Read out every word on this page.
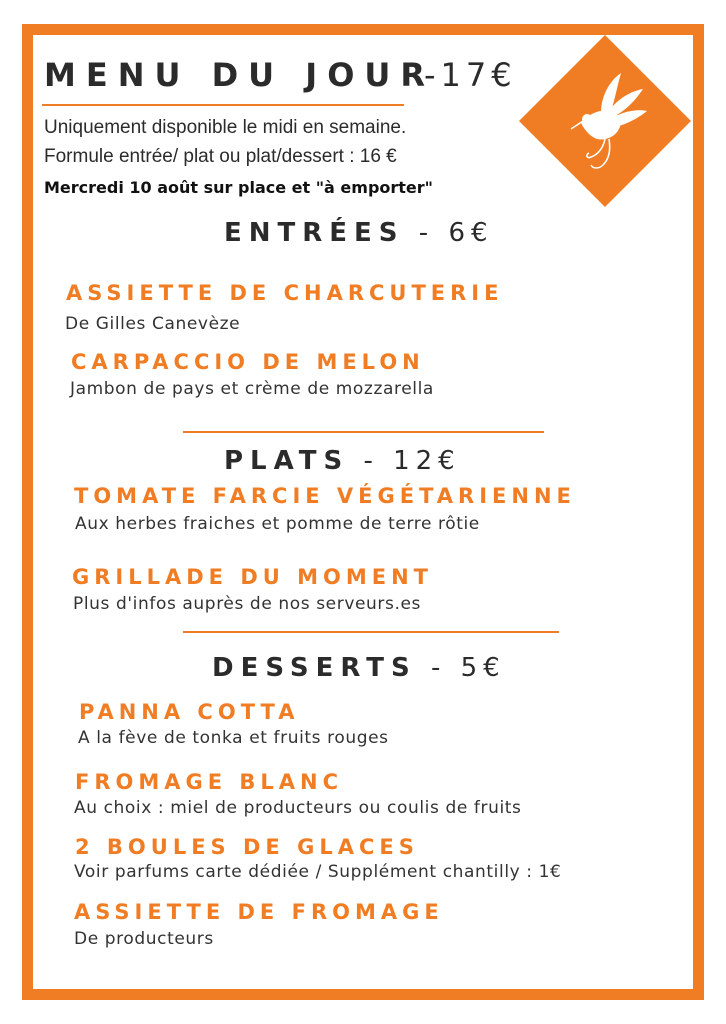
MENU DU JOUR
-17€
Uniquement disponible le midi en semaine.
Formule entrée/ plat ou plat/dessert : 16 €
Mercredi 10 août sur place et "à emporter"
ENTRÉES - 6€
ASSIETTE DE CHARCUTERIE
De Gilles Canevèze
CARPACCIO DE MELON
Jambon de pays et crème de mozzarella
PLATS - 12€
TOMATE FARCIE VÉGÉTARIENNE
Aux herbes fraiches et pomme de terre rôtie
GRILLADE DU MOMENT
Plus d'infos auprès de nos serveurs.es
DESSERTS - 5€
PANNA COTTA
A la fève de tonka et fruits rouges
FROMAGE BLANC
Au choix : miel de producteurs ou coulis de fruits
2 BOULES DE GLACES
Voir parfums carte dédiée / Supplément chantilly : 1€
ASSIETTE DE FROMAGE
De producteurs
